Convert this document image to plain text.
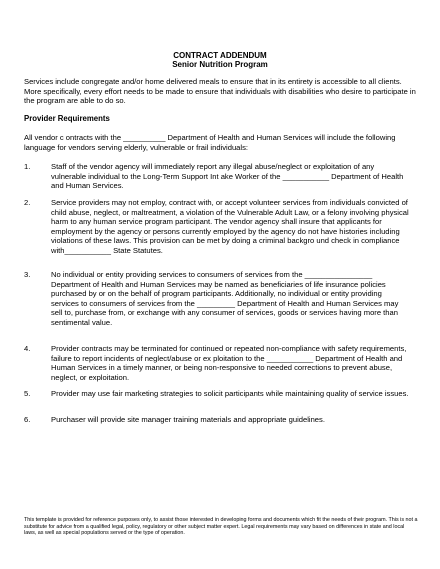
CONTRACT ADDENDUM
Senior Nutrition Program
Services include congregate and/or home delivered meals to ensure that in its entirety is accessible to all clients. More specifically, every effort needs to be made to ensure that individuals with disabilities who desire to participate in the program are able to do so.
Provider Requirements
All vendor c ontracts with the __________ Department of Health and Human Services will include the following language for vendors serving elderly, vulnerable or frail individuals:
1.	Staff of the vendor agency will immediately report any illegal abuse/neglect or exploitation of any vulnerable individual to the Long-Term Support Int ake Worker of the ___________ Department of Health and Human Services.
2.	Service providers may not employ, contract with, or accept volunteer services from individuals convicted of child abuse, neglect, or maltreatment, a violation of the Vulnerable Adult Law, or a felony involving physical harm to any human service program participant. The vendor agency shall insure that applicants for employment by the agency or persons currently employed by the agency do not have histories including violations of these laws. This provision can be met by doing a criminal backgro und check in compliance with___________ State Statutes.
3.	No individual or entity providing services to consumers of services from the ________________ Department of Health and Human Services may be named as beneficiaries of life insurance policies purchased by or on the behalf of program participants. Additionally, no individual or entity providing services to consumers of services from the _________ Department of Health and Human Services may sell to, purchase from, or exchange with any consumer of services, goods or services having more than sentimental value.
4.	Provider contracts may be terminated for continued or repeated non-compliance with safety requirements, failure to report incidents of neglect/abuse or ex ploitation to the ___________ Department of Health and Human Services in a timely manner, or being non-responsive to needed corrections to prevent abuse, neglect, or exploitation.
5.	Provider may use fair marketing strategies to solicit participants while maintaining quality of service issues.
6.	Purchaser will provide site manager training materials and appropriate guidelines.
This template is provided for reference purposes only, to assist those interested in developing forms and documents which fit the needs of their program. This is not a substitute for advice from a qualified legal, policy, regulatory or other subject matter expert. Legal requirements may vary based on differences in state and local laws, as well as special populations served or the type of operation.
